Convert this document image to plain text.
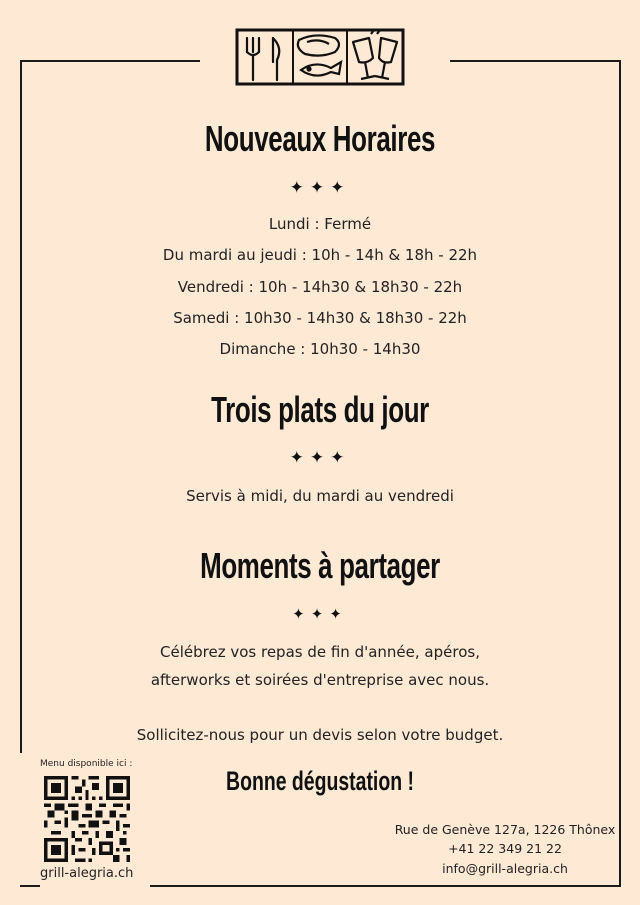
Nouveaux Horaires
✦✦✦
Lundi : Fermé
Du mardi au jeudi : 10h - 14h & 18h - 22h
Vendredi : 10h - 14h30 & 18h30 - 22h
Samedi : 10h30 - 14h30 & 18h30 - 22h
Dimanche : 10h30 - 14h30
Trois plats du jour
✦✦✦
Servis à midi, du mardi au vendredi
Moments à partager
✦✦✦
Célébrez vos repas de fin d'année, apéros,
afterworks et soirées d'entreprise avec nous.
Sollicitez-nous pour un devis selon votre budget.
Menu disponible ici :
grill-alegria.ch
Bonne dégustation !
Rue de Genève 127a, 1226 Thônex
+41 22 349 21 22
info@grill-alegria.ch
